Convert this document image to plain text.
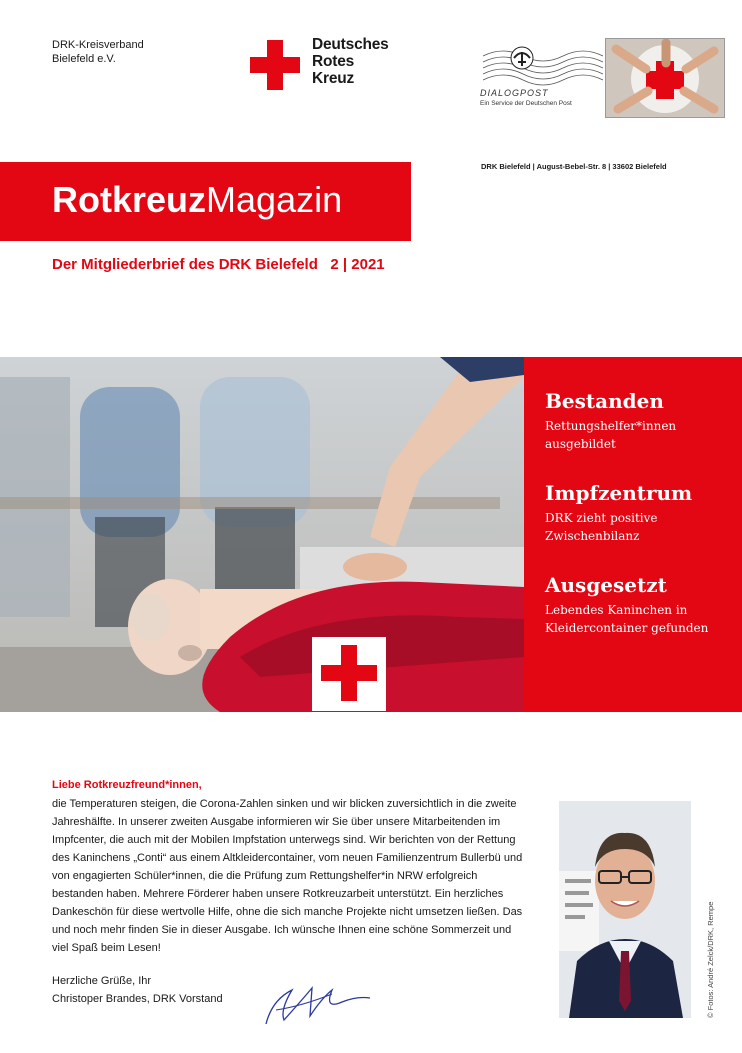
DRK-Kreisverband
Bielefeld e.V.
Deutsches
Rotes
Kreuz
DIALOGPOST
Ein Service der Deutschen Post
DRK Bielefeld | August-Bebel-Str. 8 | 33602 Bielefeld
RotkreuzMagazin
Der Mitgliederbrief des DRK Bielefeld   2 | 2021
Bestanden
Rettungshelfer*innen ausgebildet
Impfzentrum
DRK zieht positive Zwischenbilanz
Ausgesetzt
Lebendes Kaninchen in Kleidercontainer gefunden
Liebe Rotkreuzfreund*innen,
die Temperaturen steigen, die Corona-Zahlen sinken und wir blicken zuversichtlich in die zweite Jahreshälfte. In unserer zweiten Ausgabe informieren wir Sie über unsere Mitarbeitenden im Impfcenter, die auch mit der Mobilen Impfstation unterwegs sind. Wir berichten von der Rettung des Kaninchens „Conti“ aus einem Altkleidercontainer, vom neuen Familienzentrum Bullerbü und von engagierten Schüler*innen, die die Prüfung zum Rettungshelfer*in NRW erfolgreich bestanden haben. Mehrere Förderer haben unsere Rotkreuzarbeit unterstützt. Ein herzliches Dankeschön für diese wertvolle Hilfe, ohne die sich manche Projekte nicht umsetzen ließen. Das und noch mehr finden Sie in dieser Ausgabe. Ich wünsche Ihnen eine schöne Sommerzeit und viel Spaß beim Lesen!
Herzliche Grüße, Ihr
Christoper Brandes, DRK Vorstand	© Fotos: André Zelck/DRK, Rempe
